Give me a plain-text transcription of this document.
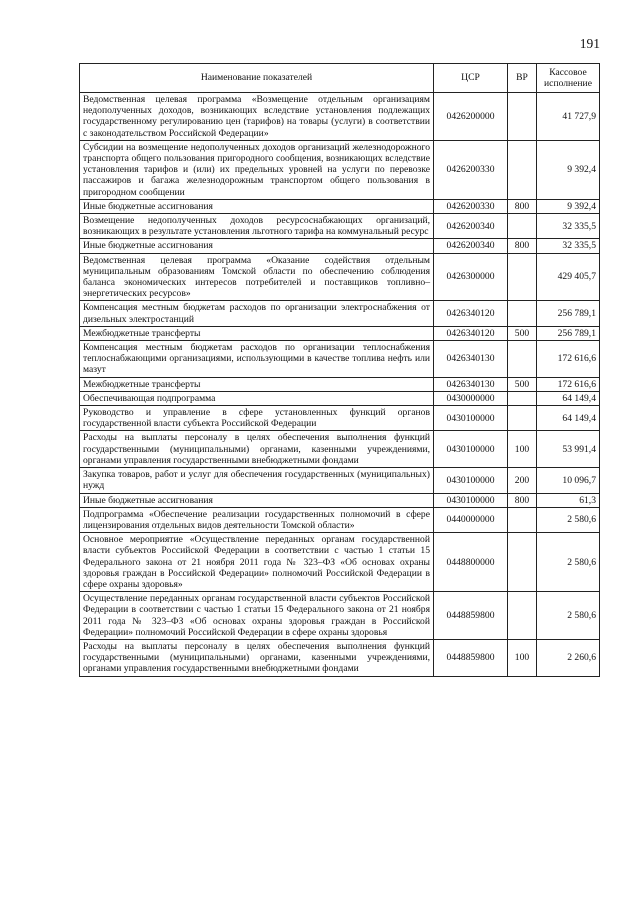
191
Наименование показателей	ЦСР	ВР	Кассовое исполнение
Ведомственная целевая программа «Возмещение отдельным организациям недополученных доходов, возникающих вследствие установления подлежащих государственному регулированию цен (тарифов) на товары (услуги) в соответствии с законодательством Российской Федерации»	0426200000		41 727,9
Субсидии на возмещение недополученных доходов организаций железнодорожного транспорта общего пользования пригородного сообщения, возникающих вследствие установления тарифов и (или) их предельных уровней на услуги по перевозке пассажиров и багажа железнодорожным транспортом общего пользования в пригородном сообщении	0426200330		9 392,4
Иные бюджетные ассигнования	0426200330	800	9 392,4
Возмещение недополученных доходов ресурсоснабжающих организаций, возникающих в результате установления льготного тарифа на коммунальный ресурс	0426200340		32 335,5
Иные бюджетные ассигнования	0426200340	800	32 335,5
Ведомственная целевая программа «Оказание содействия отдельным муниципальным образованиям Томской области по обеспечению соблюдения баланса экономических интересов потребителей и поставщиков топливно–энергетических ресурсов»	0426300000		429 405,7
Компенсация местным бюджетам расходов по организации электроснабжения от дизельных электростанций	0426340120		256 789,1
Межбюджетные трансферты	0426340120	500	256 789,1
Компенсация местным бюджетам расходов по организации теплоснабжения теплоснабжающими организациями, использующими в качестве топлива нефть или мазут	0426340130		172 616,6
Межбюджетные трансферты	0426340130	500	172 616,6
Обеспечивающая подпрограмма	0430000000		64 149,4
Руководство и управление в сфере установленных функций органов государственной власти субъекта Российской Федерации	0430100000		64 149,4
Расходы на выплаты персоналу в целях обеспечения выполнения функций государственными (муниципальными) органами, казенными учреждениями, органами управления государственными внебюджетными фондами	0430100000	100	53 991,4
Закупка товаров, работ и услуг для обеспечения государственных (муниципальных) нужд	0430100000	200	10 096,7
Иные бюджетные ассигнования	0430100000	800	61,3
Подпрограмма «Обеспечение реализации государственных полномочий в сфере лицензирования отдельных видов деятельности Томской области»	0440000000		2 580,6
Основное мероприятие «Осуществление переданных органам государственной власти субъектов Российской Федерации в соответствии с частью 1 статьи 15 Федерального закона от 21 ноября 2011 года № 323–ФЗ «Об основах охраны здоровья граждан в Российской Федерации» полномочий Российской Федерации в сфере охраны здоровья»	0448800000		2 580,6
Осуществление переданных органам государственной власти субъектов Российской Федерации в соответствии с частью 1 статьи 15 Федерального закона от 21 ноября 2011 года № 323–ФЗ «Об основах охраны здоровья граждан в Российской Федерации» полномочий Российской Федерации в сфере охраны здоровья	0448859800		2 580,6
Расходы на выплаты персоналу в целях обеспечения выполнения функций государственными (муниципальными) органами, казенными учреждениями, органами управления государственными внебюджетными фондами	0448859800	100	2 260,6
